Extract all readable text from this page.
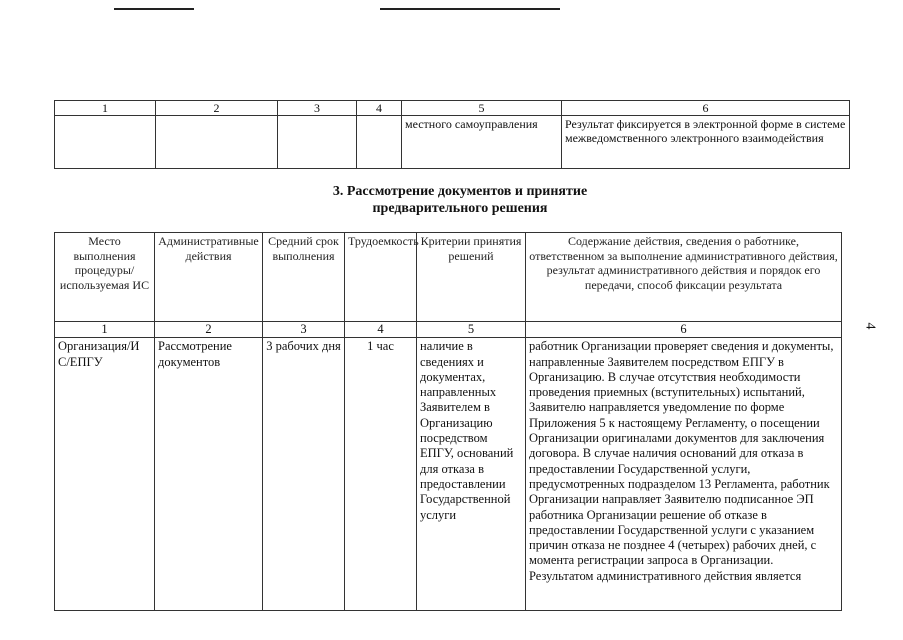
1	2	3	4	5	6
				местного самоуправления	Результат фиксируется в электронной форме в системе межведомственного электронного взаимодействия
3. Рассмотрение документов и принятие
предварительного решения
Место выполнения процедуры/ используемая ИС	Административные действия	Средний срок выполнения	Трудоемкость	Критерии принятия решений	Содержание действия, сведения о работнике, ответственном за выполнение административного действия, результат административного действия и порядок его передачи, способ фиксации результата
1	2	3	4	5	6
Организация/ИС/ЕПГУ	Рассмотрение документов	3 рабочих дня	1 час	наличие в сведениях и документах, направленных Заявителем в Организацию посредством ЕПГУ, оснований для отказа в предоставлении Государственной услуги	работник Организации проверяет сведения и документы, направленные Заявителем посредством ЕПГУ в Организацию. В случае отсутствия необходимости проведения приемных (вступительных) испытаний, Заявителю направляется уведомление по форме Приложения 5 к настоящему Регламенту, о посещении Организации оригиналами документов для заключения договора. В случае наличия оснований для отказа в предоставлении Государственной услуги, предусмотренных подразделом 13 Регламента, работник Организации направляет Заявителю подписанное ЭП работника Организации решение об отказе в предоставлении Государственной услуги с указанием причин отказа не позднее 4 (четырех) рабочих дней, с момента регистрации запроса в Организации. Результатом административного действия является
4
